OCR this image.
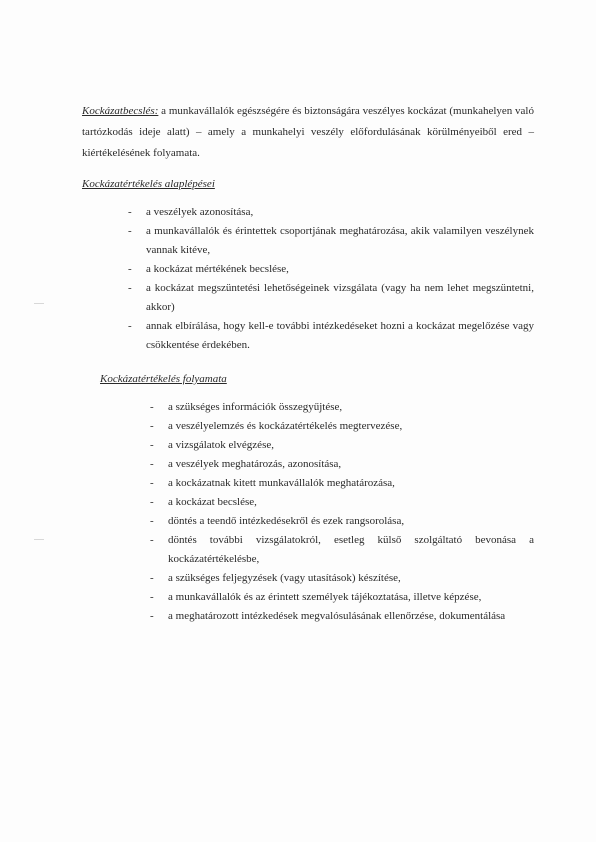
Kockázatbecslés: a munkavállalók egészségére és biztonságára veszélyes kockázat (munkahelyen való tartózkodás ideje alatt) – amely a munkahelyi veszély előfordulásának körülményeiből ered – kiértékelésének folyamata.

Kockázatértékelés alaplépései
- a veszélyek azonosítása,
- a munkavállalók és érintettek csoportjának meghatározása, akik valamilyen veszélynek vannak kitéve,
- a kockázat mértékének becslése,
- a kockázat megszüntetési lehetőségeinek vizsgálata (vagy ha nem lehet megszüntetni, akkor)
- annak elbírálása, hogy kell-e további intézkedéseket hozni a kockázat megelőzése vagy csökkentése érdekében.
Kockázatértékelés folyamata
- a szükséges információk összegyűjtése,
- a veszélyelemzés és kockázatértékelés megtervezése,
- a vizsgálatok elvégzése,
- a veszélyek meghatározás, azonosítása,
- a kockázatnak kitett munkavállalók meghatározása,
- a kockázat becslése,
- döntés a teendő intézkedésekről és ezek rangsorolása,
- döntés további vizsgálatokról, esetleg külső szolgáltató bevonása a kockázatértékelésbe,
- a szükséges feljegyzések (vagy utasítások) készítése,
- a munkavállalók és az érintett személyek tájékoztatása, illetve képzése,
- a meghatározott intézkedések megvalósulásának ellenőrzése, dokumentálása
